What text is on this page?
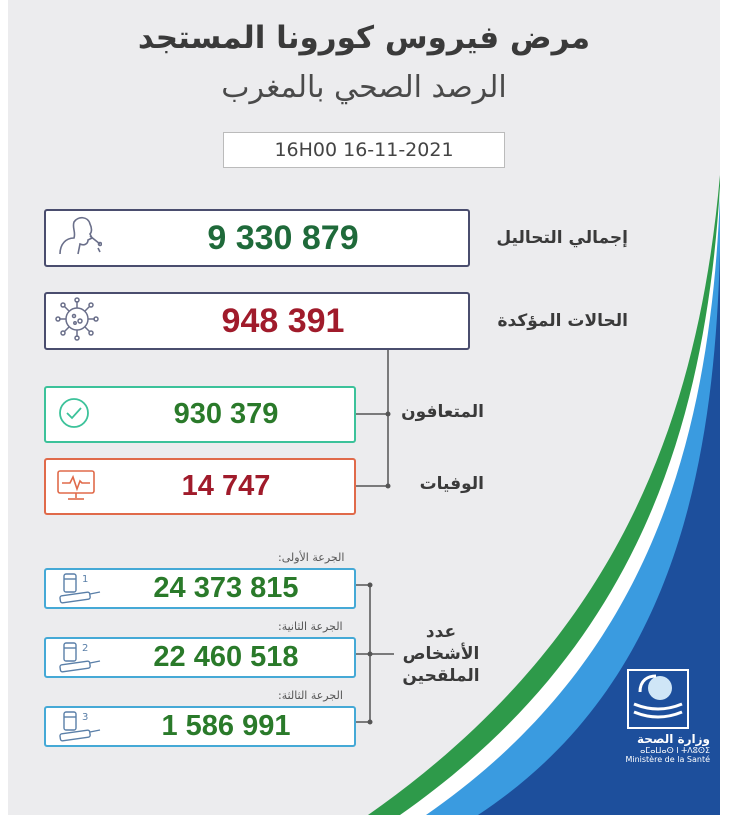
مرض فيروس كورونا المستجد
الرصد الصحي بالمغرب
16H00 16-11-2021
9 330 879	إجمالي التحاليل
948 391	الحالات المؤكدة
930 379	المتعافون
14 747	الوفيات
الجرعة الأولى:
1	24 373 815
الجرعة الثانية:
2	22 460 518
الجرعة الثالثة:
3	1 586 991
عدد
الأشخاص
الملقحين
وزارة الصحة
ⴰⵎⴰⵡⴰⵙ ⵏ ⵜⴷⵓⵙⵉ
Ministère de la Santé
